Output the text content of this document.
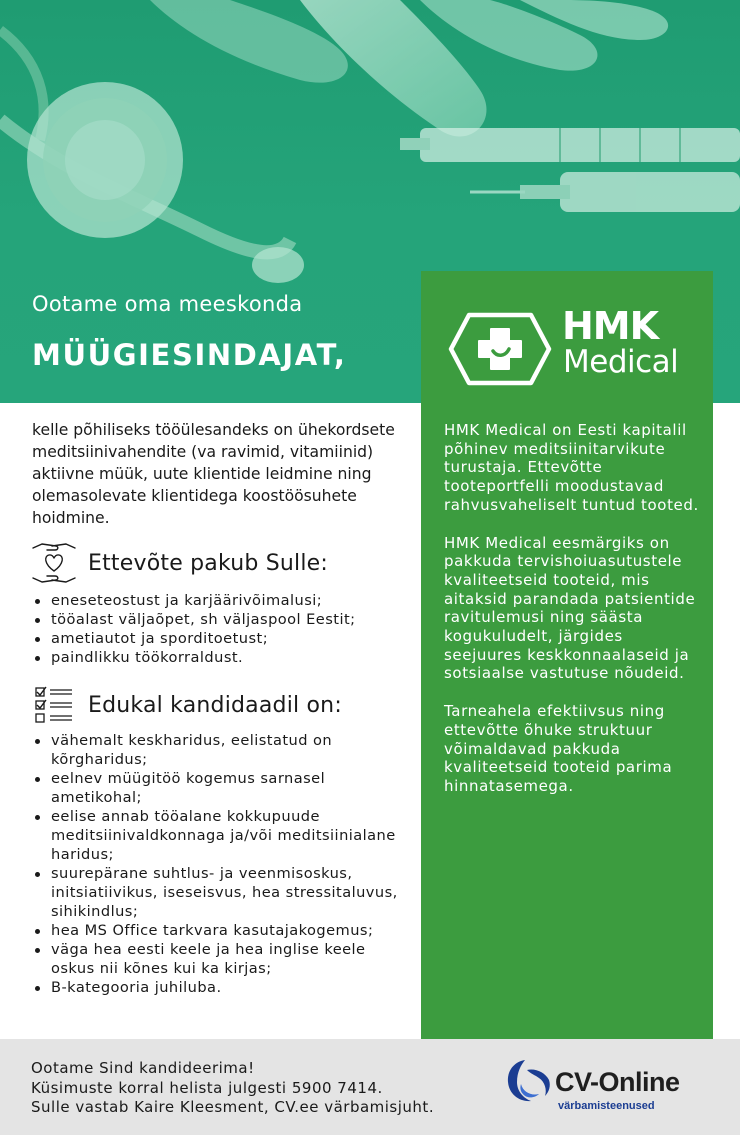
Ootame oma meeskonda
MÜÜGIESINDAJAT,

kelle põhiliseks tööülesandeks on ühekordsete meditsiinivahendite (va ravimid, vitamiinid) aktiivne müük, uute klientide leidmine ning olemasolevate klientidega koostöösuhete hoidmine.

Ettevõte pakub Sulle:
eneseteostust ja karjäärivõimalusi;
tööalast väljaõpet, sh väljaspool Eestit;
ametiautot ja sporditoetust;
paindlikku töökorraldust.
Edukal kandidaadil on:
vähemalt keskharidus, eelistatud on kõrgharidus;
eelnev müügitöö kogemus sarnasel ametikohal;
eelise annab tööalane kokkupuude meditsiinivaldkonnaga ja/või meditsiinialane haridus;
suurepärane suhtlus- ja veenmisoskus, initsiatiivikus, iseseisvus, hea stressitaluvus, sihikindlus;
hea MS Office tarkvara kasutajakogemus;
väga hea eesti keele ja hea inglise keele oskus nii kõnes kui ka kirjas;
B-kategooria juhiluba.
HMK
Medical

HMK Medical on Eesti kapitalil põhinev meditsiinitarvikute turustaja. Ettevõtte tooteportfelli moodustavad rahvusvaheliselt tuntud tooted.

HMK Medical eesmärgiks on pakkuda tervishoiuasutustele kvaliteetseid tooteid, mis aitaksid parandada patsientide ravitulemusi ning säästa kogukuludelt, järgides seejuures keskkonnaalaseid ja sotsiaalse vastutuse nõudeid.

Tarneahela efektiivsus ning ettevõtte õhuke struktuur võimaldavad pakkuda kvaliteetseid tooteid parima hinnatasemega.

Ootame Sind kandideerima!
Küsimuste korral helista julgesti 5900 7414.
Sulle vastab Kaire Kleesment, CV.ee värbamisjuht.
CV-Online
värbamisteenused
